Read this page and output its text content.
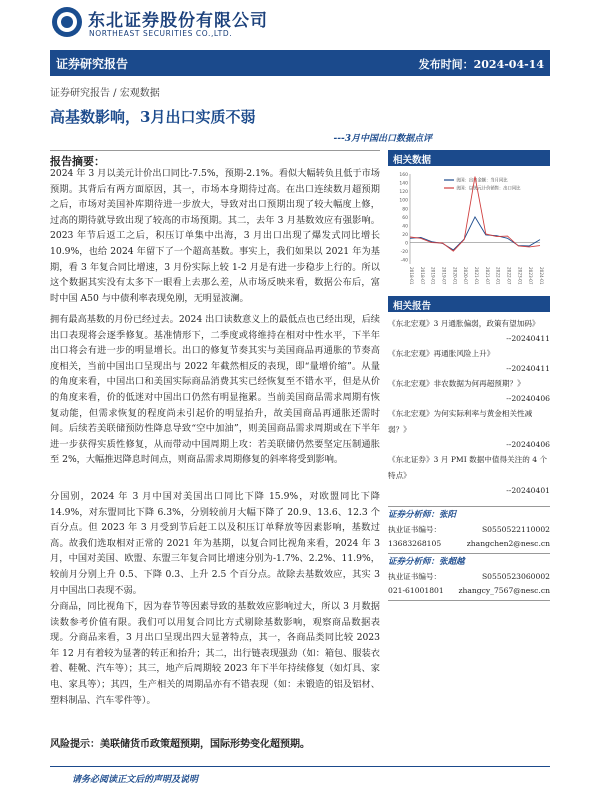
东北证券股份有限公司
NORTHEAST SECURITIES CO.,LTD.
证券研究报告	发布时间：2024-04-14
证券研究报告 / 宏观数据
高基数影响，3月出口实质不弱
---3月中国出口数据点评
报告摘要：
2024 年 3 月以美元计价出口同比-7.5%，预期-2.1%。看似大幅转负且低于市场预期。其背后有两方面原因，其一，市场本身期待过高。在出口连续数月超预期之后，市场对美国补库期待进一步放大，导致对出口预期出现了较大幅度上修，过高的期待就导致出现了较高的市场预期。其二，去年 3 月基数效应有强影响。2023 年节后返工之后，积压订单集中出海，3 月出口出现了爆发式同比增长 10.9%，也给 2024 年留下了一个超高基数。事实上，我们如果以 2021 年为基期，看 3 年复合同比增速，3 月份实际上较 1-2 月是有进一步稳步上行的。所以这个数据其实没有太多下一眼看上去那么差，从市场反映来看，数据公布后，富时中国 A50 与中债利率表现免刚，无明显波澜。
拥有最高基数的月份已经过去。2024 出口读数意义上的最低点也已经出现，后续出口表现将会逐季修复。基准情形下，二季度或将维持在相对中性水平，下半年出口将会有进一步的明显增长。出口的修复节奏其实与美国商品再通胀的节奏高度相关，当前中国出口呈现出与 2022 年截然相反的表现，即“量增价缩”。从量的角度来看，中国出口和美国实际商品消费其实已经恢复至不错水平，但是从价的角度来看，价的低迷对中国出口仍然有明显拖累。当前美国商品需求周期有恢复动能，但需求恢复的程度尚未引起价的明显抬升，故美国商品再通胀还需时间。后续若美联储预防性降息导致“空中加油”，则美国商品需求周期或在下半年进一步获得实质性修复，从而带动中国周期上攻：若美联储仍然要坚定压制通胀至 2%，大幅推迟降息时间点，则商品需求周期修复的斜率将受到影响。
分国别，2024 年 3 月中国对美国出口同比下降 15.9%，对欧盟同比下降 14.9%，对东盟同比下降 6.3%，分别较前月大幅下降了 20.9、13.6、12.3 个百分点。但 2023 年 3 月受到节后赶工以及积压订单释放等因素影响，基数过高。故我们选取相对正常的 2021 年为基期，以复合同比视角来看，2024 年 3 月，中国对美国、欧盟、东盟三年复合同比增速分别为-1.7%、2.2%、11.9%，较前月分别上升 0.5、下降 0.3、上升 2.5 个百分点。故除去基数效应，其实 3 月中国出口表现不弱。
分商品，同比视角下，因为春节等因素导致的基数效应影响过大，所以 3 月数据读数参考价值有限。我们可以用复合同比方式剔除基数影响，观察商品数据表现。分商品来看，3 月出口呈现出四大显著特点，其一，各商品类同比较 2023 年 12 月有着较为显著的转正和抬升；其二，出行链表现强劲（如：箱包、服装衣着、鞋靴、汽车等）；其三，地产后周期较 2023 年下半年持续修复（如灯具、家电、家具等）；其四，生产相关的周期品亦有不错表现（如：未锻造的铝及铝材、塑料制品、汽车零件等）。
相关数据
160
140
120
100
80
60
40
20
0
-20
-40
2018-01 2018-07 2019-01 2019-07 2020-01 2020-07 2021-01 2021-07 2022-01 2022-07 2023-01 2023-07 2024-01
美国：出口金额：当月同比
美国：以美元计价销售：出口同比
相关报告
《东北宏观》3 月通胀偏弱，政策有望加码》
--20240411
《东北宏观》再通胀风险上升》
--20240411
《东北宏观》非农数据为何再超预期？》
--20240406
《东北宏观》为何实际利率与黄金相关性减弱？》
--20240406
《东北证券》3 月 PMI 数据中值得关注的 4 个特点》
--20240401
证券分析师：张阳
执业证书编号：	S0550522110002
13683268105	zhangchen2@nesc.cn
证券分析师：张超越
执业证书编号：	S0550523060002
021-61001801 zhangcy_7567@nesc.cn
风险提示：美联储货币政策超预期，国际形势变化超预期。
请务必阅读正文后的声明及说明
